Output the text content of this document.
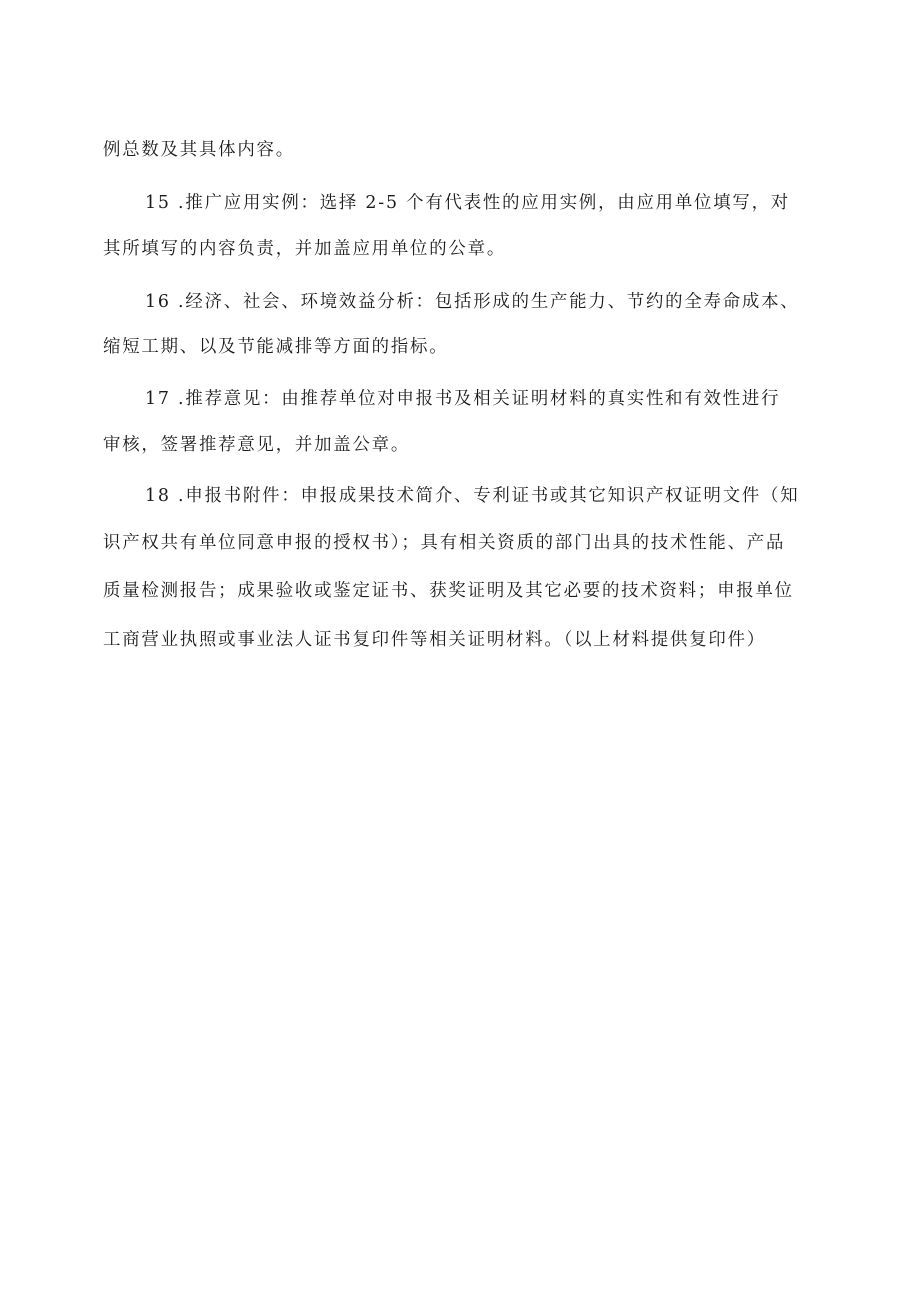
例总数及其具体内容。
15 .推广应用实例：选择 2-5 个有代表性的应用实例，由应用单位填写，对
其所填写的内容负责，并加盖应用单位的公章。
16 .经济、社会、环境效益分析：包括形成的生产能力、节约的全寿命成本、
缩短工期、以及节能减排等方面的指标。
17 .推荐意见：由推荐单位对申报书及相关证明材料的真实性和有效性进行
审核，签署推荐意见，并加盖公章。
18 .申报书附件：申报成果技术简介、专利证书或其它知识产权证明文件（知
识产权共有单位同意申报的授权书）；具有相关资质的部门出具的技术性能、产品
质量检测报告；成果验收或鉴定证书、获奖证明及其它必要的技术资料；申报单位
工商营业执照或事业法人证书复印件等相关证明材料。（以上材料提供复印件）
